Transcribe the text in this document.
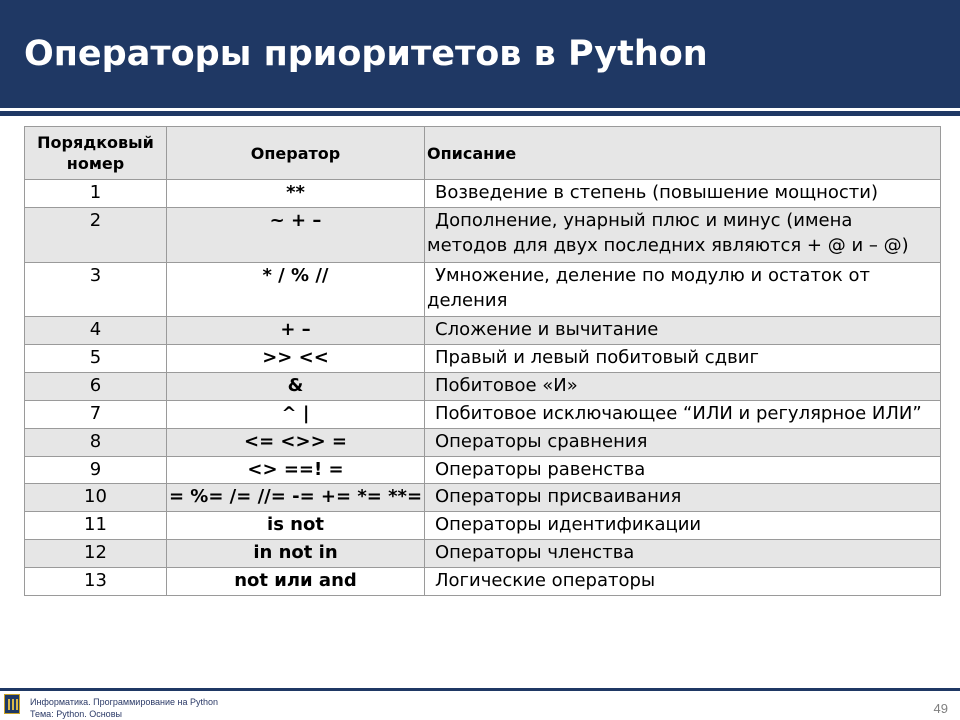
Операторы приоритетов в Python
Порядковый номер	Оператор	Описание
1	**	Возведение в степень (повышение мощности)
2	~ + –	Дополнение, унарный плюс и минус (имена методов для двух последних являются + @ и – @)
3	* / % //	Умножение, деление по модулю и остаток от деления
4	+ –	Сложение и вычитание
5	>> <<	Правый и левый побитовый сдвиг
6	&	Побитовое «И»
7	^ |	Побитовое исключающее “ИЛИ и регулярное ИЛИ”
8	<= <>> =	Операторы сравнения
9	<> ==! =	Операторы равенства
10	= %= /= //= -= += *= **=	Операторы присваивания
11	is not	Операторы идентификации
12	in not in	Операторы членства
13	not или and	Логические операторы
Информатика. Программирование на Python
Тема: Python. Основы	49
